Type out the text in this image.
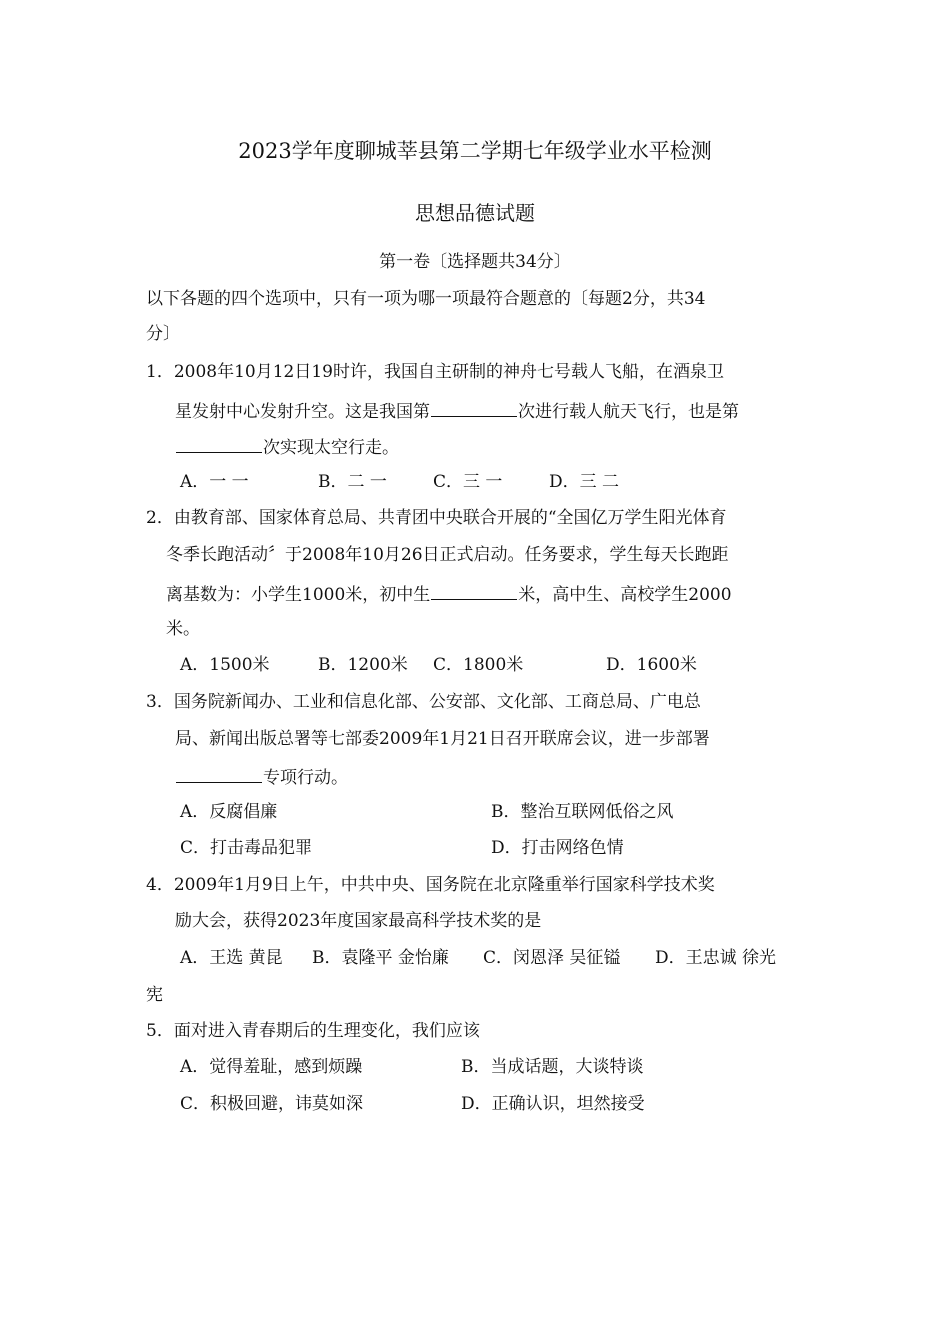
2023学年度聊城莘县第二学期七年级学业水平检测
思想品德试题
第一卷〔选择题共34分〕
以下各题的四个选项中，只有一项为哪一项最符合题意的〔每题2分，共34
分〕
1．2008年10月12日19时许，我国自主研制的神舟七号载人飞船，在酒泉卫
星发射中心发射升空。这是我国第	次进行载人航天飞行，也是第
次实现太空行走。
A．一 一	B．二 一	C．三 一	D．三 二
2．由教育部、国家体育总局、共青团中央联合开展的“全国亿万学生阳光体育
冬季长跑活动〞于2008年10月26日正式启动。任务要求，学生每天长跑距
离基数为：小学生1000米，初中生	米，高中生、高校学生2000
米。
A．1500米	B．1200米 C．1800米	D．1600米
3．国务院新闻办、工业和信息化部、公安部、文化部、工商总局、广电总
局、新闻出版总署等七部委2009年1月21日召开联席会议，进一步部署
专项行动。
A．反腐倡廉	B．整治互联网低俗之风
C．打击毒品犯罪	D．打击网络色情
4．2009年1月9日上午，中共中央、国务院在北京隆重举行国家科学技术奖
励大会，获得2023年度国家最高科学技术奖的是
A．王选 黄昆 B．袁隆平 金怡廉 C．闵恩泽 吴征镒 D．王忠诚 徐光
宪
5．面对进入青春期后的生理变化，我们应该
A．觉得羞耻，感到烦躁	B．当成话题，大谈特谈
C．积极回避，讳莫如深	D．正确认识，坦然接受
